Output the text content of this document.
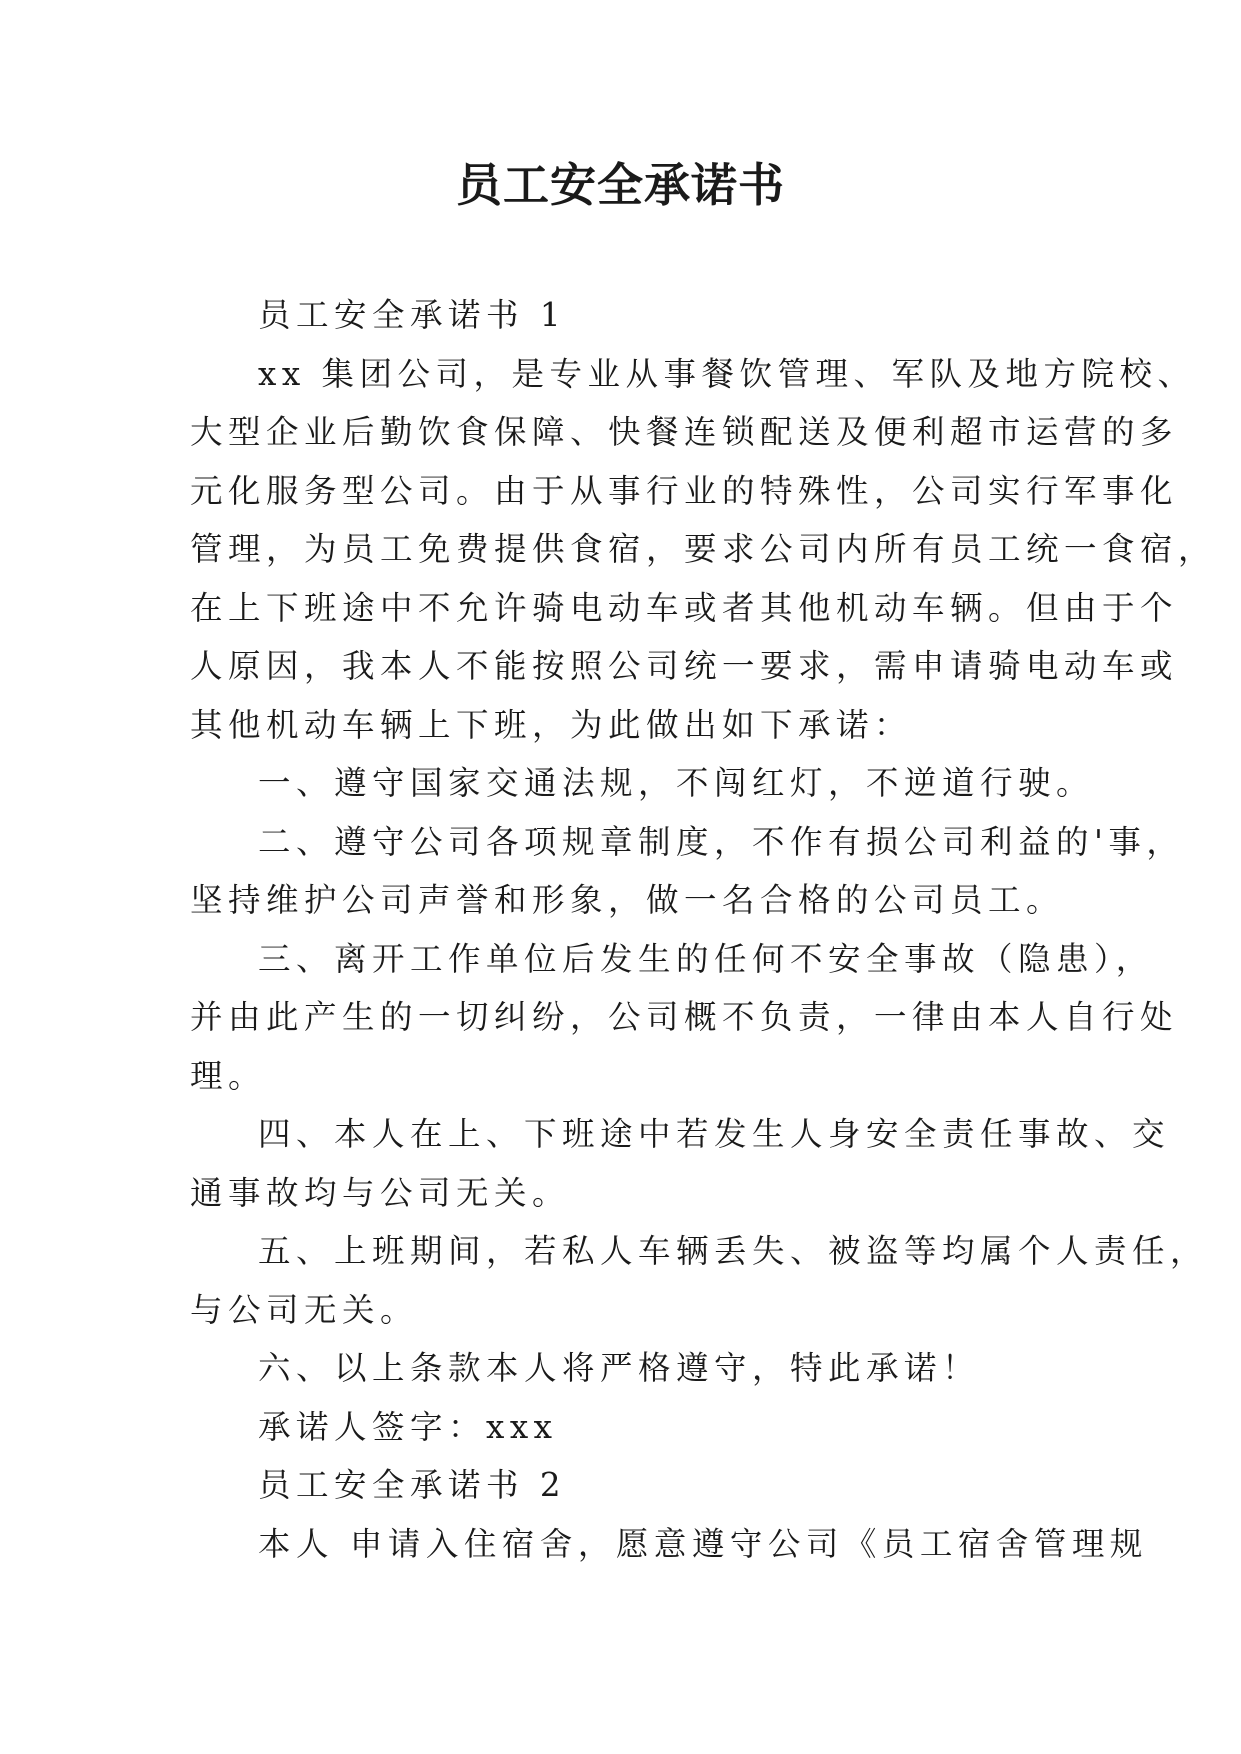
员工安全承诺书

员工安全承诺书 1

xx 集团公司，是专业从事餐饮管理、军队及地方院校、

大型企业后勤饮食保障、快餐连锁配送及便利超市运营的多

元化服务型公司。由于从事行业的特殊性，公司实行军事化

管理，为员工免费提供食宿，要求公司内所有员工统一食宿，

在上下班途中不允许骑电动车或者其他机动车辆。但由于个

人原因，我本人不能按照公司统一要求，需申请骑电动车或

其他机动车辆上下班，为此做出如下承诺：

一、遵守国家交通法规，不闯红灯，不逆道行驶。

二、遵守公司各项规章制度，不作有损公司利益的'事，

坚持维护公司声誉和形象，做一名合格的公司员工。

三、离开工作单位后发生的任何不安全事故（隐患），

并由此产生的一切纠纷，公司概不负责，一律由本人自行处

理。

四、本人在上、下班途中若发生人身安全责任事故、交

通事故均与公司无关。

五、上班期间，若私人车辆丢失、被盗等均属个人责任，

与公司无关。

六、以上条款本人将严格遵守，特此承诺！

承诺人签字：xxx

员工安全承诺书 2

本人 申请入住宿舍，愿意遵守公司《员工宿舍管理规
